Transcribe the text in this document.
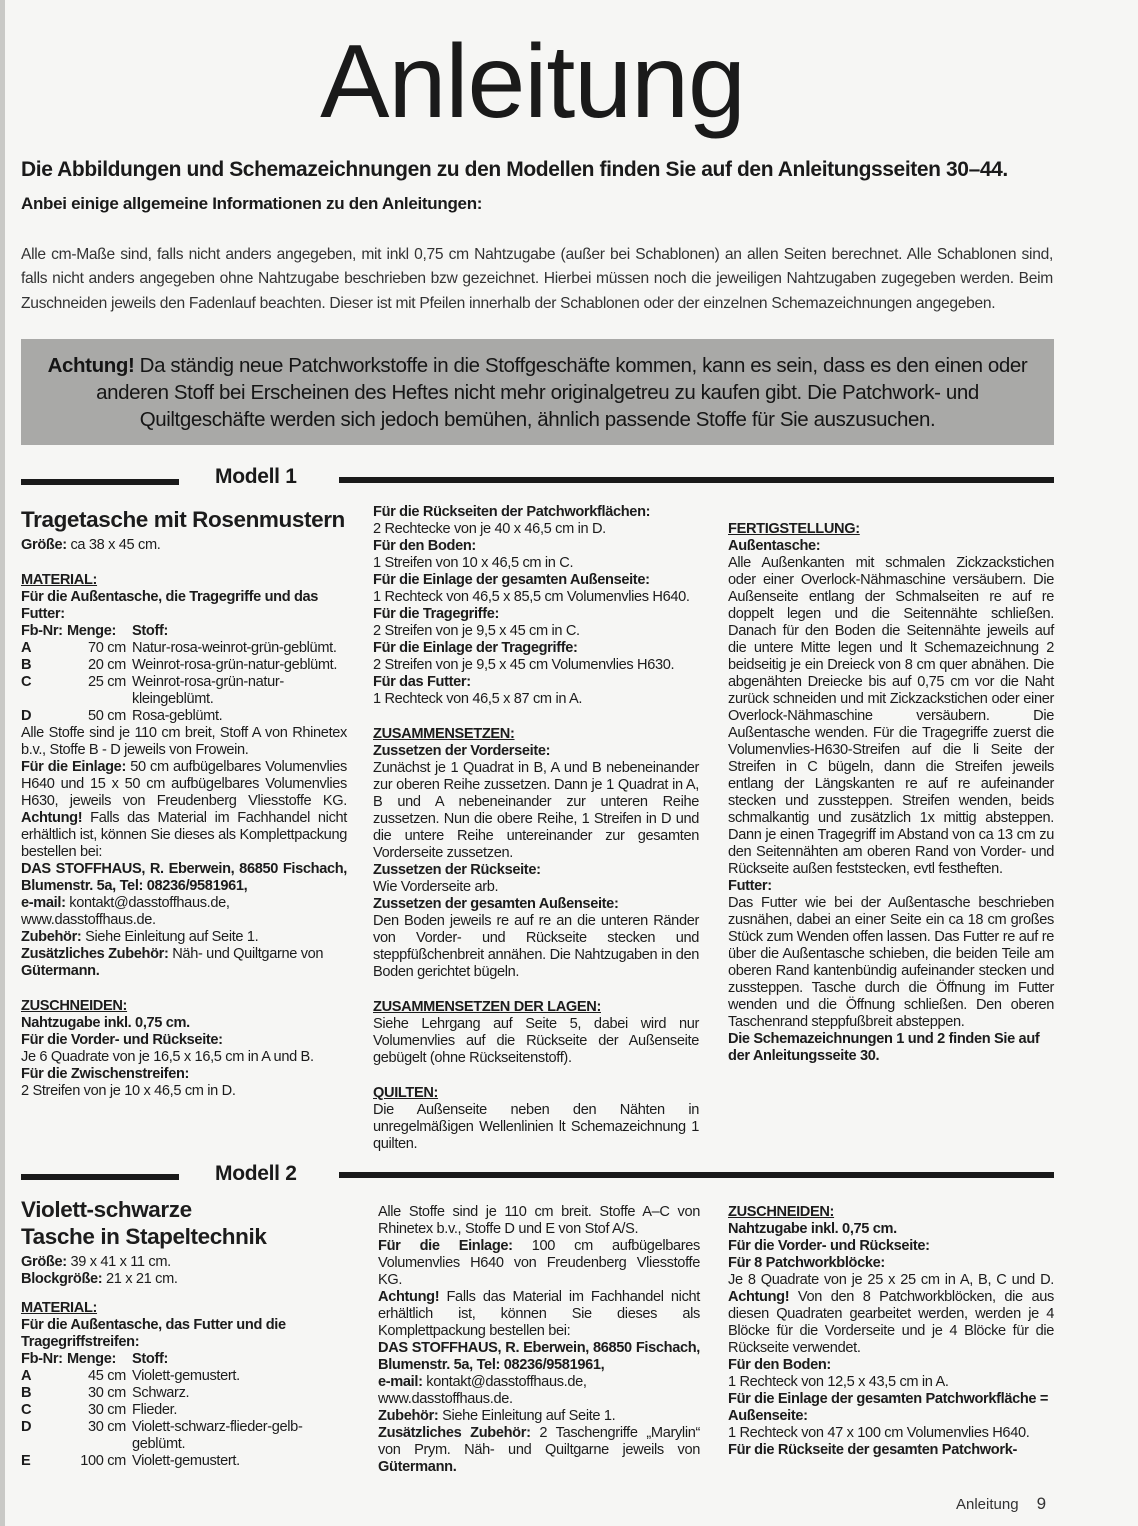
Anleitung
Die Abbildungen und Schemazeichnungen zu den Modellen finden Sie auf den Anleitungsseiten 30–44.
Anbei einige allgemeine Informationen zu den Anleitungen:
Alle cm-Maße sind, falls nicht anders angegeben, mit inkl 0,75 cm Nahtzugabe (außer bei Schablonen) an allen Seiten berechnet. Alle Schablonen sind, falls nicht anders angegeben ohne Nahtzugabe beschrieben bzw gezeichnet. Hierbei müssen noch die jeweiligen Nahtzugaben zugegeben werden. Beim Zuschneiden jeweils den Fadenlauf beachten. Dieser ist mit Pfeilen innerhalb der Schablonen oder der einzelnen Schemazeichnungen angegeben.

Achtung! Da ständig neue Patchworkstoffe in die Stoffgeschäfte kommen, kann es sein, dass es den einen oder anderen Stoff bei Erscheinen des Heftes nicht mehr originalgetreu zu kaufen gibt. Die Patchwork- und Quiltgeschäfte werden sich jedoch bemühen, ähnlich passende Stoffe für Sie auszusuchen.

Modell 1
Tragetasche mit Rosenmustern

Größe: ca 38 x 45 cm.

MATERIAL:

Für die Außentasche, die Tragegriffe und das Futter:

Fb-Nr:	Menge:	Stoff:
A	70 cm	Natur-rosa-weinrot-grün-geblümt.
B	20 cm	Weinrot-rosa-grün-natur-geblümt.
C	25 cm	Weinrot-rosa-grün-natur-kleingeblümt.
D	50 cm	Rosa-geblümt.

Alle Stoffe sind je 110 cm breit, Stoff A von Rhinetex b.v., Stoffe B - D jeweils von Frowein.

Für die Einlage: 50 cm aufbügelbares Volumenvlies H640 und 15 x 50 cm aufbügelbares Volumenvlies H630, jeweils von Freudenberg Vliesstoffe KG. Achtung! Falls das Material im Fachhandel nicht erhältlich ist, können Sie dieses als Komplettpackung bestellen bei:

DAS STOFFHAUS, R. Eberwein, 86850 Fischach, Blumenstr. 5a, Tel: 08236/9581961,

e-mail: kontakt@dasstoffhaus.de,

www.dasstoffhaus.de.

Zubehör: Siehe Einleitung auf Seite 1.

Zusätzliches Zubehör: Näh- und Quiltgarne von Gütermann.

ZUSCHNEIDEN:

Nahtzugabe inkl. 0,75 cm.

Für die Vorder- und Rückseite:

Je 6 Quadrate von je 16,5 x 16,5 cm in A und B.

Für die Zwischenstreifen:

2 Streifen von je 10 x 46,5 cm in D.

Für die Rückseiten der Patchworkflächen:

2 Rechtecke von je 40 x 46,5 cm in D.

Für den Boden:

1 Streifen von 10 x 46,5 cm in C.

Für die Einlage der gesamten Außenseite:

1 Rechteck von 46,5 x 85,5 cm Volumenvlies H640.

Für die Tragegriffe:

2 Streifen von je 9,5 x 45 cm in C.

Für die Einlage der Tragegriffe:

2 Streifen von je 9,5 x 45 cm Volumenvlies H630.

Für das Futter:

1 Rechteck von 46,5 x 87 cm in A.

ZUSAMMENSETZEN:

Zussetzen der Vorderseite:

Zunächst je 1 Quadrat in B, A und B nebeneinander zur oberen Reihe zussetzen. Dann je 1 Quadrat in A, B und A nebeneinander zur unteren Reihe zussetzen. Nun die obere Reihe, 1 Streifen in D und die untere Reihe untereinander zur gesamten Vorderseite zussetzen.

Zussetzen der Rückseite:

Wie Vorderseite arb.

Zussetzen der gesamten Außenseite:

Den Boden jeweils re auf re an die unteren Ränder von Vorder- und Rückseite stecken und steppfüßchenbreit annähen. Die Nahtzugaben in den Boden gerichtet bügeln.

ZUSAMMENSETZEN DER LAGEN:

Siehe Lehrgang auf Seite 5, dabei wird nur Volumenvlies auf die Rückseite der Außenseite gebügelt (ohne Rückseitenstoff).

QUILTEN:

Die Außenseite neben den Nähten in unregelmäßigen Wellenlinien lt Schemazeichnung 1 quilten.

FERTIGSTELLUNG:

Außentasche:

Alle Außenkanten mit schmalen Zickzackstichen oder einer Overlock-Nähmaschine versäubern. Die Außenseite entlang der Schmalseiten re auf re doppelt legen und die Seitennähte schließen. Danach für den Boden die Seitennähte jeweils auf die untere Mitte legen und lt Schemazeichnung 2 beidseitig je ein Dreieck von 8 cm quer abnähen. Die abgenähten Dreiecke bis auf 0,75 cm vor die Naht zurück schneiden und mit Zickzackstichen oder einer Overlock-Nähmaschine versäubern. Die Außentasche wenden. Für die Tragegriffe zuerst die Volumenvlies-H630-Streifen auf die li Seite der Streifen in C bügeln, dann die Streifen jeweils entlang der Längskanten re auf re aufeinander stecken und zussteppen. Streifen wenden, beids schmalkantig und zusätzlich 1x mittig absteppen. Dann je einen Tragegriff im Abstand von ca 13 cm zu den Seitennähten am oberen Rand von Vorder- und Rückseite außen feststecken, evtl festheften.

Futter:

Das Futter wie bei der Außentasche beschrieben zusnähen, dabei an einer Seite ein ca 18 cm großes Stück zum Wenden offen lassen. Das Futter re auf re über die Außentasche schieben, die beiden Teile am oberen Rand kantenbündig aufeinander stecken und zussteppen. Tasche durch die Öffnung im Futter wenden und die Öffnung schließen. Den oberen Taschenrand steppfußbreit absteppen.

Die Schemazeichnungen 1 und 2 finden Sie auf der Anleitungsseite 30.

Modell 2
Violett-schwarze Tasche in Stapeltechnik

Größe: 39 x 41 x 11 cm.

Blockgröße: 21 x 21 cm.

MATERIAL:

Für die Außentasche, das Futter und die Tragegriffstreifen:

Fb-Nr:	Menge:	Stoff:
A	45 cm	Violett-gemustert.
B	30 cm	Schwarz.
C	30 cm	Flieder.
D	30 cm	Violett-schwarz-flieder-gelb-geblümt.
E	100 cm	Violett-gemustert.

Alle Stoffe sind je 110 cm breit. Stoffe A–C von Rhinetex b.v., Stoffe D und E von Stof A/S.

Für die Einlage: 100 cm aufbügelbares Volumenvlies H640 von Freudenberg Vliesstoffe KG.

Achtung! Falls das Material im Fachhandel nicht erhältlich ist, können Sie dieses als Komplettpackung bestellen bei:

DAS STOFFHAUS, R. Eberwein, 86850 Fischach, Blumenstr. 5a, Tel: 08236/9581961,

e-mail: kontakt@dasstoffhaus.de,

www.dasstoffhaus.de.

Zubehör: Siehe Einleitung auf Seite 1.

Zusätzliches Zubehör: 2 Taschengriffe „Marylin“ von Prym. Näh- und Quiltgarne jeweils von Gütermann.

ZUSCHNEIDEN:

Nahtzugabe inkl. 0,75 cm.

Für die Vorder- und Rückseite:

Für 8 Patchworkblöcke:

Je 8 Quadrate von je 25 x 25 cm in A, B, C und D. Achtung! Von den 8 Patchworkblöcken, die aus diesen Quadraten gearbeitet werden, werden je 4 Blöcke für die Vorderseite und je 4 Blöcke für die Rückseite verwendet.

Für den Boden:

1 Rechteck von 12,5 x 43,5 cm in A.

Für die Einlage der gesamten Patchworkfläche = Außenseite:

1 Rechteck von 47 x 100 cm Volumenvlies H640.

Für die Rückseite der gesamten Patchwork-

Anleitung 9
